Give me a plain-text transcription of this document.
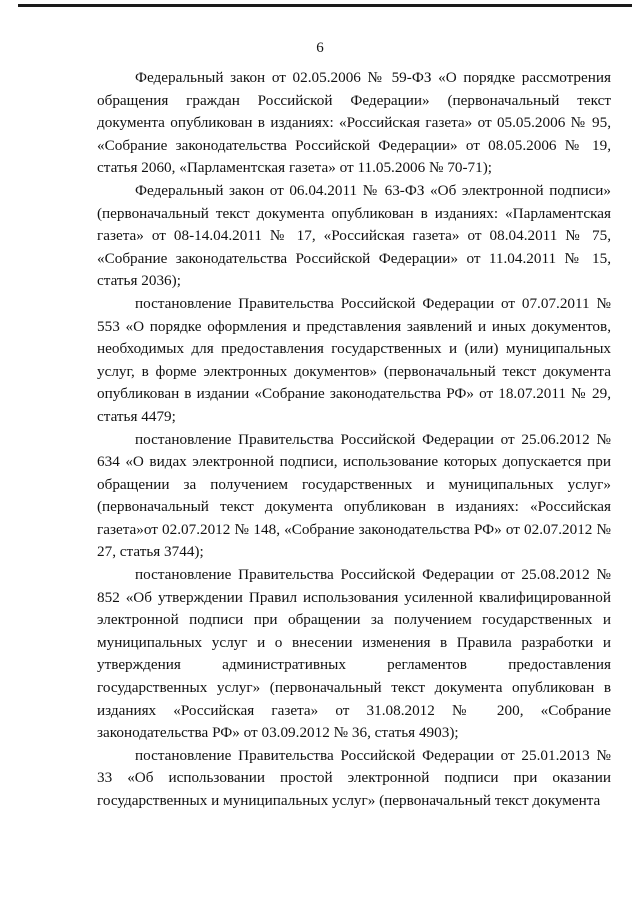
6

Федеральный закон от 02.05.2006 № 59-ФЗ «О порядке рассмотрения обращения граждан Российской Федерации» (первоначальный текст документа опубликован в изданиях: «Российская газета» от 05.05.2006 № 95, «Собрание законодательства Российской Федерации» от 08.05.2006 № 19, статья 2060, «Парламентская газета» от 11.05.2006 № 70-71);

Федеральный закон от 06.04.2011 № 63-ФЗ «Об электронной подписи» (первоначальный текст документа опубликован в изданиях: «Парламентская газета» от 08-14.04.2011 № 17, «Российская газета» от 08.04.2011 № 75, «Собрание законодательства Российской Федерации» от 11.04.2011 № 15, статья 2036);

постановление Правительства Российской Федерации от 07.07.2011 № 553 «О порядке оформления и представления заявлений и иных документов, необходимых для предоставления государственных и (или) муниципальных услуг, в форме электронных документов» (первоначальный текст документа опубликован в издании «Собрание законодательства РФ» от 18.07.2011 № 29, статья 4479;

постановление Правительства Российской Федерации от 25.06.2012 № 634 «О видах электронной подписи, использование которых допускается при обращении за получением государственных и муниципальных услуг» (первоначальный текст документа опубликован в изданиях: «Российская газета»от 02.07.2012 № 148, «Собрание законодательства РФ» от 02.07.2012 № 27, статья 3744);

постановление Правительства Российской Федерации от 25.08.2012 № 852 «Об утверждении Правил использования усиленной квалифицированной электронной подписи при обращении за получением государственных и муниципальных услуг и о внесении изменения в Правила разработки и утверждения административных регламентов предоставления государственных услуг» (первоначальный текст документа опубликован в изданиях «Российская газета» от 31.08.2012 № 200, «Собрание законодательства РФ» от 03.09.2012 № 36, статья 4903);

постановление Правительства Российской Федерации от 25.01.2013 № 33 «Об использовании простой электронной подписи при оказании государственных и муниципальных услуг» (первоначальный текст документа
